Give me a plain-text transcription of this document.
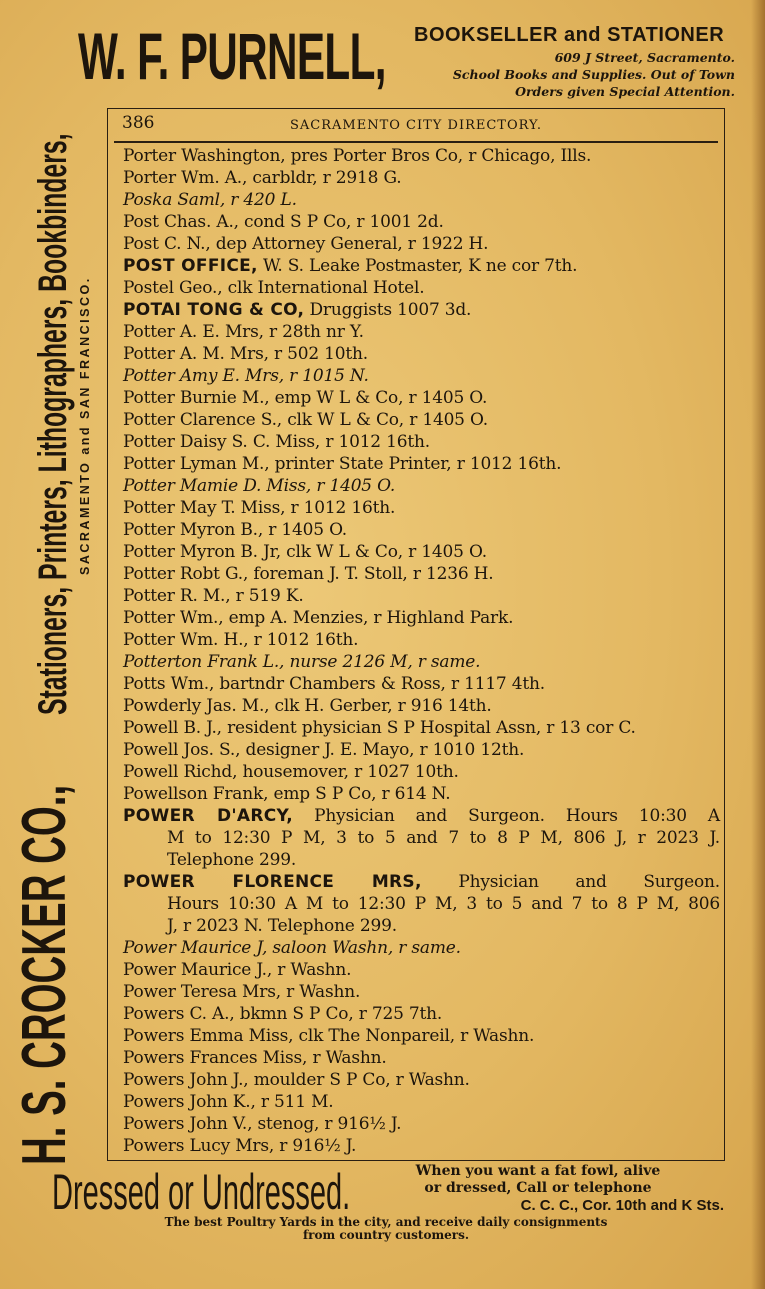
W. F. PURNELL, BOOKSELLER and STATIONER
609 J Street, Sacramento.
School Books and Supplies. Out of Town
Orders given Special Attention.
H. S. CROCKER CO.,
Stationers, Printers, Lithographers, Bookbinders, SACRAMENTO and SAN FRANCISCO.
386	SACRAMENTO CITY DIRECTORY.
Porter Washington, pres Porter Bros Co, r Chicago, Ills.
Porter Wm. A., carbldr, r 2918 G.
Poska Saml, r 420 L.
Post Chas. A., cond S P Co, r 1001 2d.
Post C. N., dep Attorney General, r 1922 H.
POST OFFICE, W. S. Leake Postmaster, K ne cor 7th.
Postel Geo., clk International Hotel.
POTAI TONG & CO, Druggists 1007 3d.
Potter A. E. Mrs, r 28th nr Y.
Potter A. M. Mrs, r 502 10th.
Potter Amy E. Mrs, r 1015 N.
Potter Burnie M., emp W L & Co, r 1405 O.
Potter Clarence S., clk W L & Co, r 1405 O.
Potter Daisy S. C. Miss, r 1012 16th.
Potter Lyman M., printer State Printer, r 1012 16th.
Potter Mamie D. Miss, r 1405 O.
Potter May T. Miss, r 1012 16th.
Potter Myron B., r 1405 O.
Potter Myron B. Jr, clk W L & Co, r 1405 O.
Potter Robt G., foreman J. T. Stoll, r 1236 H.
Potter R. M., r 519 K.
Potter Wm., emp A. Menzies, r Highland Park.
Potter Wm. H., r 1012 16th.
Potterton Frank L., nurse 2126 M, r same.
Potts Wm., bartndr Chambers & Ross, r 1117 4th.
Powderly Jas. M., clk H. Gerber, r 916 14th.
Powell B. J., resident physician S P Hospital Assn, r 13 cor C.
Powell Jos. S., designer J. E. Mayo, r 1010 12th.
Powell Richd, housemover, r 1027 10th.
Powellson Frank, emp S P Co, r 614 N.
POWER D'ARCY, Physician and Surgeon. Hours 10:30 A
M to 12:30 P M, 3 to 5 and 7 to 8 P M, 806 J, r 2023 J.
Telephone 299.
POWER FLORENCE MRS, Physician and Surgeon.
Hours 10:30 A M to 12:30 P M, 3 to 5 and 7 to 8 P M, 806
J, r 2023 N. Telephone 299.
Power Maurice J, saloon Washn, r same.
Power Maurice J., r Washn.
Power Teresa Mrs, r Washn.
Powers C. A., bkmn S P Co, r 725 7th.
Powers Emma Miss, clk The Nonpareil, r Washn.
Powers Frances Miss, r Washn.
Powers John J., moulder S P Co, r Washn.
Powers John K., r 511 M.
Powers John V., stenog, r 916½ J.
Powers Lucy Mrs, r 916½ J.
Dressed or Undressed.	When you want a fat fowl, alive
or dressed, Call or telephone
C. C. C., Cor. 10th and K Sts.
The best Poultry Yards in the city, and receive daily consignments
from country customers.
